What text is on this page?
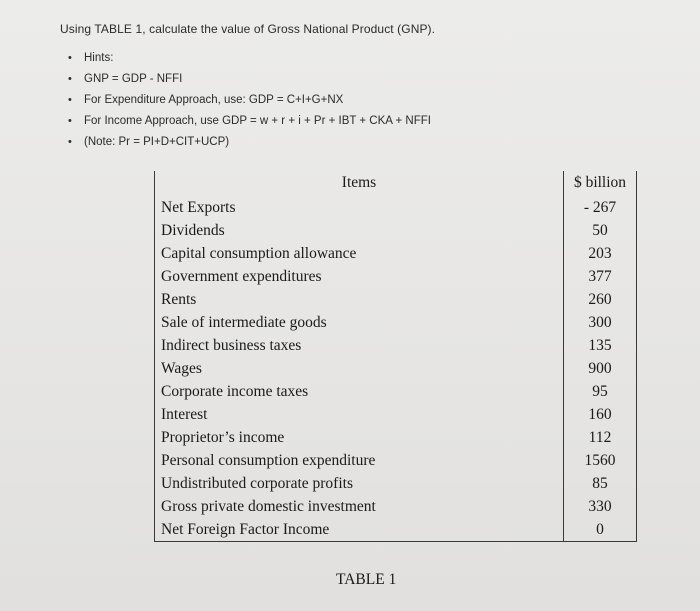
Using TABLE 1, calculate the value of Gross National Product (GNP).
• Hints:
• GNP = GDP - NFFI
• For Expenditure Approach, use: GDP = C+I+G+NX
• For Income Approach, use GDP = w + r + i + Pr + IBT + CKA + NFFI
• (Note: Pr = PI+D+CIT+UCP)
Items	$ billion
Net Exports	- 267
Dividends	50
Capital consumption allowance	203
Government expenditures	377
Rents	260
Sale of intermediate goods	300
Indirect business taxes	135
Wages	900
Corporate income taxes	95
Interest	160
Proprietor’s income	112
Personal consumption expenditure	1560
Undistributed corporate profits	85
Gross private domestic investment	330
Net Foreign Factor Income	0
TABLE 1
